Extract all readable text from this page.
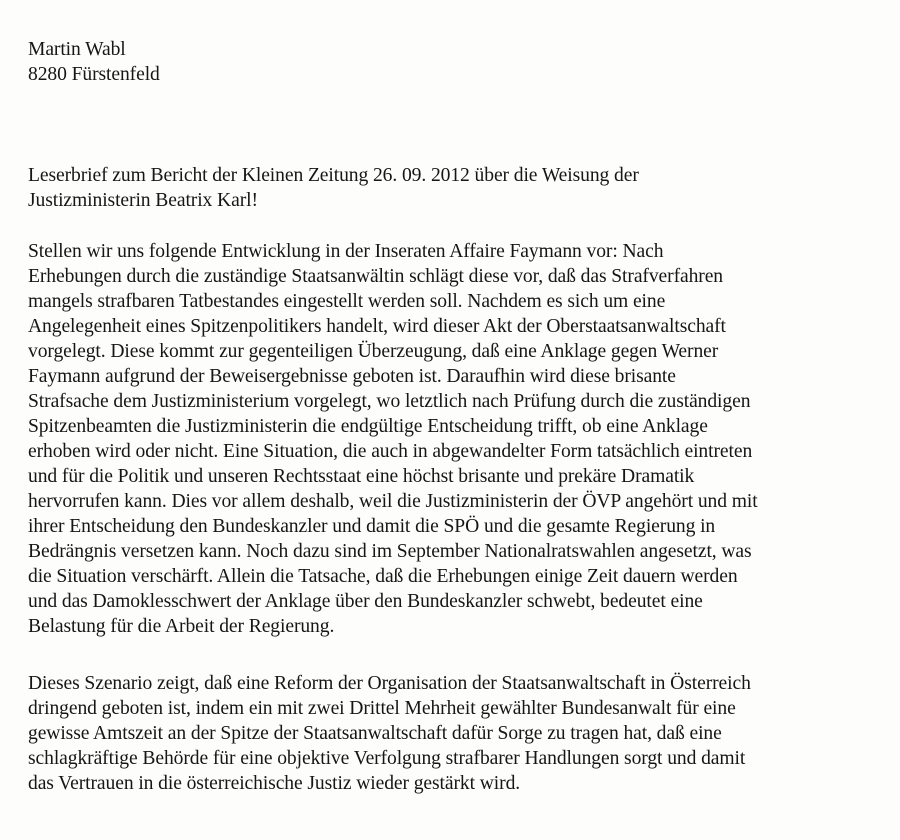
Martin Wabl
8280 Fürstenfeld
Leserbrief zum Bericht der Kleinen Zeitung 26. 09. 2012 über die Weisung der
Justizministerin Beatrix Karl!
Stellen wir uns folgende Entwicklung in der Inseraten Affaire Faymann vor: Nach
Erhebungen durch die zuständige Staatsanwältin schlägt diese vor, daß das Strafverfahren
mangels strafbaren Tatbestandes eingestellt werden soll. Nachdem es sich um eine
Angelegenheit eines Spitzenpolitikers handelt, wird dieser Akt der Oberstaatsanwaltschaft
vorgelegt. Diese kommt zur gegenteiligen Überzeugung, daß eine Anklage gegen Werner
Faymann aufgrund der Beweisergebnisse geboten ist. Daraufhin wird diese brisante
Strafsache dem Justizministerium vorgelegt, wo letztlich nach Prüfung durch die zuständigen
Spitzenbeamten die Justizministerin die endgültige Entscheidung trifft, ob eine Anklage
erhoben wird oder nicht. Eine Situation, die auch in abgewandelter Form tatsächlich eintreten
und für die Politik und unseren Rechtsstaat eine höchst brisante und prekäre Dramatik
hervorrufen kann. Dies vor allem deshalb, weil die Justizministerin der ÖVP angehört und mit
ihrer Entscheidung den Bundeskanzler und damit die SPÖ und die gesamte Regierung in
Bedrängnis versetzen kann. Noch dazu sind im September Nationalratswahlen angesetzt, was
die Situation verschärft. Allein die Tatsache, daß die Erhebungen einige Zeit dauern werden
und das Damoklesschwert der Anklage über den Bundeskanzler schwebt, bedeutet eine
Belastung für die Arbeit der Regierung.
Dieses Szenario zeigt, daß eine Reform der Organisation der Staatsanwaltschaft in Österreich
dringend geboten ist, indem ein mit zwei Drittel Mehrheit gewählter Bundesanwalt für eine
gewisse Amtszeit an der Spitze der Staatsanwaltschaft dafür Sorge zu tragen hat, daß eine
schlagkräftige Behörde für eine objektive Verfolgung strafbarer Handlungen sorgt und damit
das Vertrauen in die österreichische Justiz wieder gestärkt wird.
